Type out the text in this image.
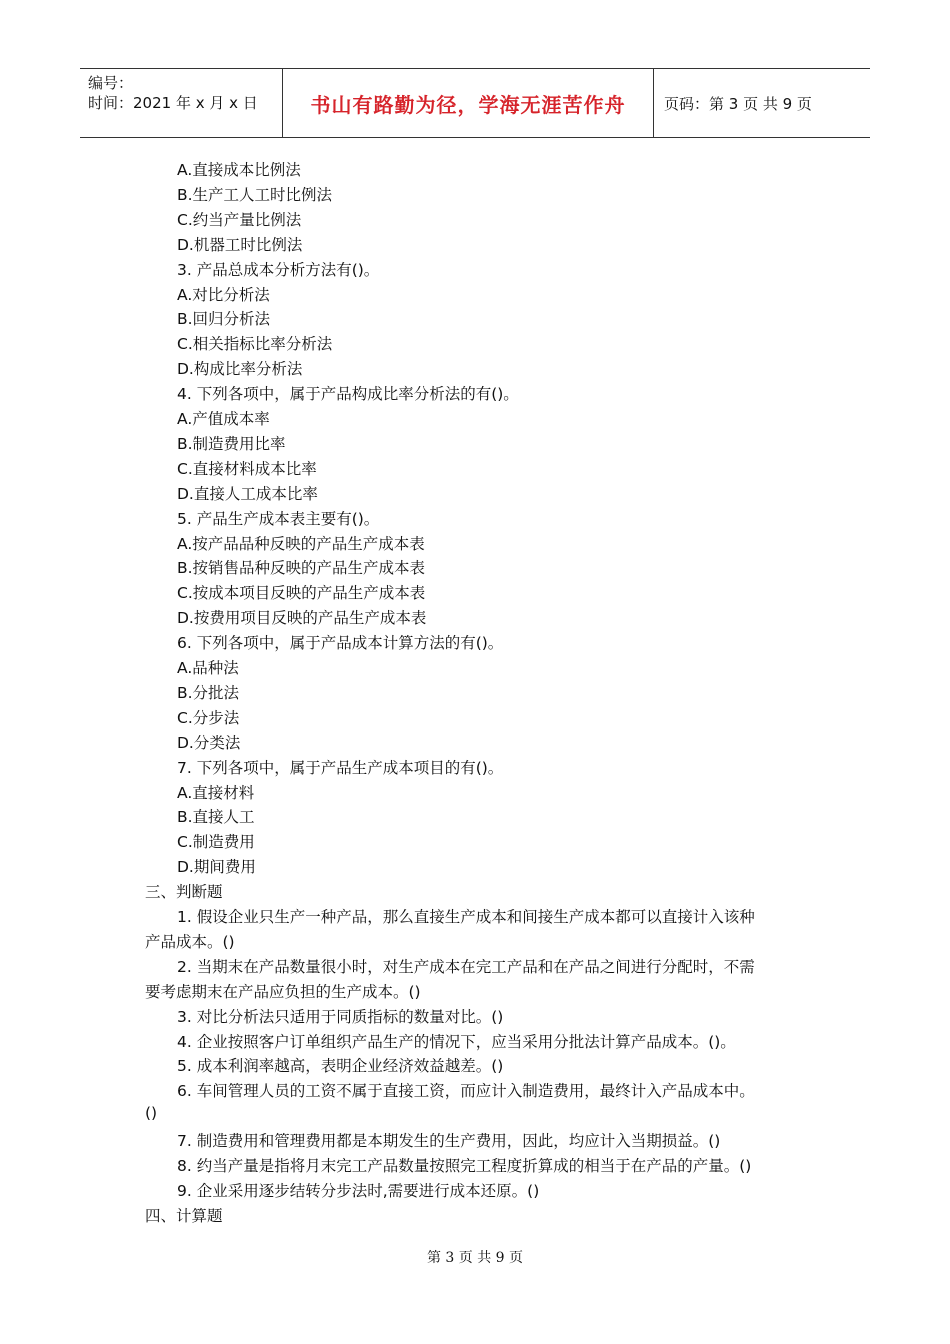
编号：
时间：2021 年 x 月 x 日	书山有路勤为径，学海无涯苦作舟	页码：第 3 页 共 9 页
A.直接成本比例法
B.生产工人工时比例法
C.约当产量比例法
D.机器工时比例法
3. 产品总成本分析方法有()。
A.对比分析法
B.回归分析法
C.相关指标比率分析法
D.构成比率分析法
4. 下列各项中，属于产品构成比率分析法的有()。
A.产值成本率
B.制造费用比率
C.直接材料成本比率
D.直接人工成本比率
5. 产品生产成本表主要有()。
A.按产品品种反映的产品生产成本表
B.按销售品种反映的产品生产成本表
C.按成本项目反映的产品生产成本表
D.按费用项目反映的产品生产成本表
6. 下列各项中，属于产品成本计算方法的有()。
A.品种法
B.分批法
C.分步法
D.分类法
7. 下列各项中，属于产品生产成本项目的有()。
A.直接材料
B.直接人工
C.制造费用
D.期间费用
三、判断题
1. 假设企业只生产一种产品，那么直接生产成本和间接生产成本都可以直接计入该种
产品成本。()
2. 当期末在产品数量很小时，对生产成本在完工产品和在产品之间进行分配时，不需
要考虑期末在产品应负担的生产成本。()
3. 对比分析法只适用于同质指标的数量对比。()
4. 企业按照客户订单组织产品生产的情况下，应当采用分批法计算产品成本。()。
5. 成本利润率越高，表明企业经济效益越差。()
6. 车间管理人员的工资不属于直接工资，而应计入制造费用，最终计入产品成本中。
()
7. 制造费用和管理费用都是本期发生的生产费用，因此，均应计入当期损益。()
8. 约当产量是指将月末完工产品数量按照完工程度折算成的相当于在产品的产量。()
9. 企业采用逐步结转分步法时,需要进行成本还原。()
四、计算题
第 3 页 共 9 页
